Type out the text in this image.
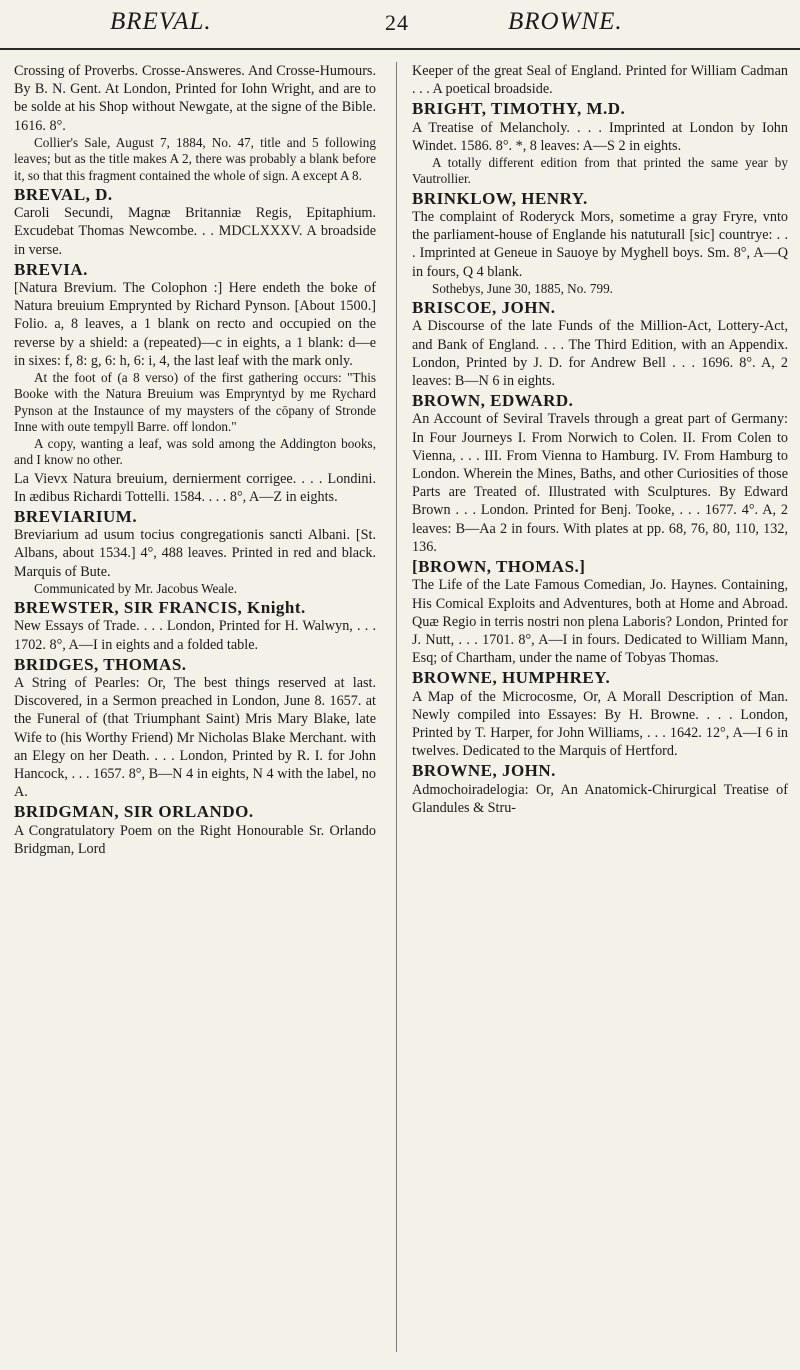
BREVAL.	24	BROWNE.

Crossing of Proverbs. Crosse-Answeres. And Crosse-Humours. By B. N. Gent. At London, Printed for Iohn Wright, and are to be solde at his Shop without Newgate, at the signe of the Bible. 1616. 8°.

Collier's Sale, August 7, 1884, No. 47, title and 5 following leaves; but as the title makes A 2, there was probably a blank before it, so that this fragment contained the whole of sign. A except A 8.

BREVAL, D.

Caroli Secundi, Magnæ Britanniæ Regis, Epitaphium. Excudebat Thomas Newcombe. . . MDCLXXXV. A broadside in verse.

BREVIA.

[Natura Brevium. The Colophon :] Here endeth the boke of Natura breuium Emprynted by Richard Pynson. [About 1500.] Folio. a, 8 leaves, a 1 blank on recto and occupied on the reverse by a shield: a (repeated)—c in eights, a 1 blank: d—e in sixes: f, 8: g, 6: h, 6: i, 4, the last leaf with the mark only.

At the foot of (a 8 verso) of the first gathering occurs: "This Booke with the Natura Breuium was Empryntyd by me Rychard Pynson at the Instaunce of my maysters of the cōpany of Stronde Inne with oute tempyll Barre. off london."

A copy, wanting a leaf, was sold among the Addington books, and I know no other.

La Vievx Natura breuium, dernierment corrigee. . . . Londini. In ædibus Richardi Tottelli. 1584. . . . 8°, A—Z in eights.

BREVIARIUM.

Breviarium ad usum tocius congregationis sancti Albani. [St. Albans, about 1534.] 4°, 488 leaves. Printed in red and black. Marquis of Bute.

Communicated by Mr. Jacobus Weale.

BREWSTER, SIR FRANCIS, Knight.

New Essays of Trade. . . . London, Printed for H. Walwyn, . . . 1702. 8°, A—I in eights and a folded table.

BRIDGES, THOMAS.

A String of Pearles: Or, The best things reserved at last. Discovered, in a Sermon preached in London, June 8. 1657. at the Funeral of (that Triumphant Saint) Mris Mary Blake, late Wife to (his Worthy Friend) Mr Nicholas Blake Merchant. with an Elegy on her Death. . . . London, Printed by R. I. for John Hancock, . . . 1657. 8°, B—N 4 in eights, N 4 with the label, no A.

BRIDGMAN, SIR ORLANDO.

A Congratulatory Poem on the Right Honourable Sr. Orlando Bridgman, Lord

Keeper of the great Seal of England. Printed for William Cadman . . . A poetical broadside.

BRIGHT, TIMOTHY, M.D.

A Treatise of Melancholy. . . . Imprinted at London by Iohn Windet. 1586. 8°. *, 8 leaves: A—S 2 in eights.

A totally different edition from that printed the same year by Vautrollier.

BRINKLOW, HENRY.

The complaint of Roderyck Mors, sometime a gray Fryre, vnto the parliament-house of Englande his natuturall [sic] countrye: . . . Imprinted at Geneue in Sauoye by Myghell boys. Sm. 8°, A—Q in fours, Q 4 blank.

Sothebys, June 30, 1885, No. 799.

BRISCOE, JOHN.

A Discourse of the late Funds of the Million-Act, Lottery-Act, and Bank of England. . . . The Third Edition, with an Appendix. London, Printed by J. D. for Andrew Bell . . . 1696. 8°. A, 2 leaves: B—N 6 in eights.

BROWN, EDWARD.

An Account of Seviral Travels through a great part of Germany: In Four Journeys I. From Norwich to Colen. II. From Colen to Vienna, . . . III. From Vienna to Hamburg. IV. From Hamburg to London. Wherein the Mines, Baths, and other Curiosities of those Parts are Treated of. Illustrated with Sculptures. By Edward Brown . . . London. Printed for Benj. Tooke, . . . 1677. 4°. A, 2 leaves: B—Aa 2 in fours. With plates at pp. 68, 76, 80, 110, 132, 136.

[BROWN, THOMAS.]

The Life of the Late Famous Comedian, Jo. Haynes. Containing, His Comical Exploits and Adventures, both at Home and Abroad. Quæ Regio in terris nostri non plena Laboris? London, Printed for J. Nutt, . . . 1701. 8°, A—I in fours. Dedicated to William Mann, Esq; of Chartham, under the name of Tobyas Thomas.

BROWNE, HUMPHREY.

A Map of the Microcosme, Or, A Morall Description of Man. Newly compiled into Essayes: By H. Browne. . . . London, Printed by T. Harper, for John Williams, . . . 1642. 12°, A—I 6 in twelves. Dedicated to the Marquis of Hertford.

BROWNE, JOHN.

Admochoiradelogia: Or, An Anatomick-Chirurgical Treatise of Glandules & Stru-
